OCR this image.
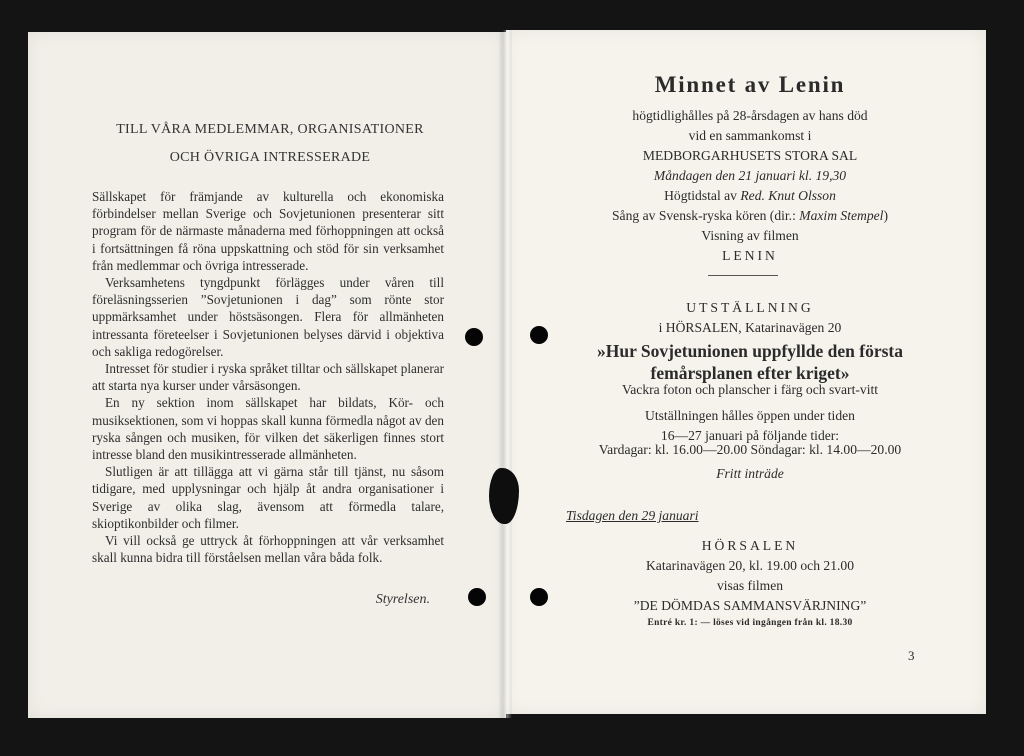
TILL VÅRA MEDLEMMAR, ORGANISATIONER
OCH ÖVRIGA INTRESSERADE

Sällskapet för främjande av kulturella och ekonomiska förbindelser mellan Sverige och Sovjetunionen presenterar sitt program för de närmaste månaderna med förhoppningen att också i fortsättningen få röna uppskattning och stöd för sin verksamhet från medlemmar och övriga intresserade.

Verksamhetens tyngdpunkt förlägges under våren till föreläsningsserien ”Sovjetunionen i dag” som rönte stor uppmärksamhet under höstsäsongen. Flera för allmänheten intressanta företeelser i Sovjetunionen belyses därvid i objektiva och sakliga redogörelser.

Intresset för studier i ryska språket tilltar och sällskapet planerar att starta nya kurser under vårsäsongen.

En ny sektion inom sällskapet har bildats, Kör- och musiksektionen, som vi hoppas skall kunna förmedla något av den ryska sången och musiken, för vilken det säkerligen finnes stort intresse bland den musikintresserade allmänheten.

Slutligen är att tillägga att vi gärna står till tjänst, nu såsom tidigare, med upplysningar och hjälp åt andra organisationer i Sverige av olika slag, ävensom att förmedla talare, skioptikonbilder och filmer.

Vi vill också ge uttryck åt förhoppningen att vår verksamhet skall kunna bidra till förståelsen mellan våra båda folk.

Styrelsen.
Minnet av Lenin
högtidlighålles på 28-årsdagen av hans död
vid en sammankomst i
MEDBORGARHUSETS STORA SAL
Måndagen den 21 januari kl. 19,30
Högtidstal av Red. Knut Olsson
Sång av Svensk-ryska kören (dir.: Maxim Stempel)
Visning av filmen
LENIN
UTSTÄLLNING
i HÖRSALEN, Katarinavägen 20
»Hur Sovjetunionen uppfyllde den första
femårsplanen efter kriget»
Vackra foton och planscher i färg och svart-vitt
Utställningen hålles öppen under tiden
16—27 januari på följande tider:
Vardagar: kl. 16.00—20.00 Söndagar: kl. 14.00—20.00
Fritt inträde
Tisdagen den 29 januari
HÖRSALEN
Katarinavägen 20, kl. 19.00 och 21.00
visas filmen
”DE DÖMDAS SAMMANSVÄRJNING”
Entré kr. 1: — löses vid ingången från kl. 18.30
3
